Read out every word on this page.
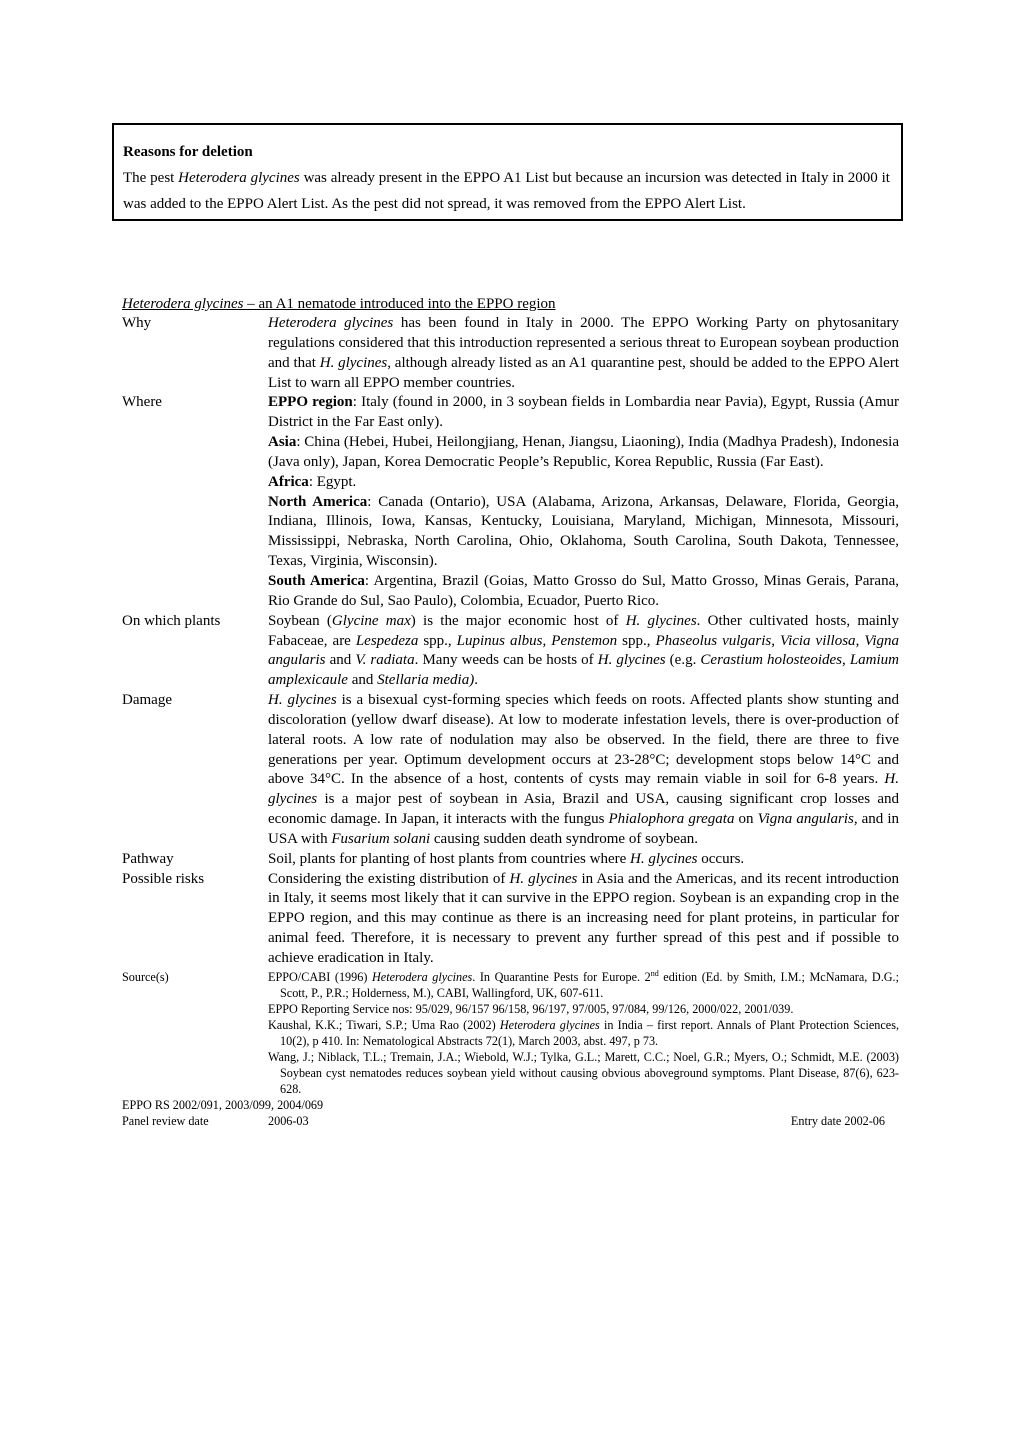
Reasons for deletion
The pest Heterodera glycines was already present in the EPPO A1 List but because an incursion was detected in Italy in 2000 it was added to the EPPO Alert List. As the pest did not spread, it was removed from the EPPO Alert List.
Heterodera glycines – an A1 nematode introduced into the EPPO region
Why	Heterodera glycines has been found in Italy in 2000. The EPPO Working Party on phytosanitary regulations considered that this introduction represented a serious threat to European soybean production and that H. glycines, although already listed as an A1 quarantine pest, should be added to the EPPO Alert List to warn all EPPO member countries.
Where	EPPO region: Italy (found in 2000, in 3 soybean fields in Lombardia near Pavia), Egypt, Russia (Amur District in the Far East only).

Asia: China (Hebei, Hubei, Heilongjiang, Henan, Jiangsu, Liaoning), India (Madhya Pradesh), Indonesia (Java only), Japan, Korea Democratic People’s Republic, Korea Republic, Russia (Far East).

Africa: Egypt.

North America: Canada (Ontario), USA (Alabama, Arizona, Arkansas, Delaware, Florida, Georgia, Indiana, Illinois, Iowa, Kansas, Kentucky, Louisiana, Maryland, Michigan, Minnesota, Missouri, Mississippi, Nebraska, North Carolina, Ohio, Oklahoma, South Carolina, South Dakota, Tennessee, Texas, Virginia, Wisconsin).

South America: Argentina, Brazil (Goias, Matto Grosso do Sul, Matto Grosso, Minas Gerais, Parana, Rio Grande do Sul, Sao Paulo), Colombia, Ecuador, Puerto Rico.

On which plants	Soybean (Glycine max) is the major economic host of H. glycines. Other cultivated hosts, mainly Fabaceae, are Lespedeza spp., Lupinus albus, Penstemon spp., Phaseolus vulgaris, Vicia villosa, Vigna angularis and V. radiata. Many weeds can be hosts of H. glycines (e.g. Cerastium holosteoides, Lamium amplexicaule and Stellaria media).
Damage	H. glycines is a bisexual cyst-forming species which feeds on roots. Affected plants show stunting and discoloration (yellow dwarf disease). At low to moderate infestation levels, there is over-production of lateral roots. A low rate of nodulation may also be observed. In the field, there are three to five generations per year. Optimum development occurs at 23-28°C; development stops below 14°C and above 34°C. In the absence of a host, contents of cysts may remain viable in soil for 6-8 years. H. glycines is a major pest of soybean in Asia, Brazil and USA, causing significant crop losses and economic damage. In Japan, it interacts with the fungus Phialophora gregata on Vigna angularis, and in USA with Fusarium solani causing sudden death syndrome of soybean.
Pathway	Soil, plants for planting of host plants from countries where H. glycines occurs.
Possible risks	Considering the existing distribution of H. glycines in Asia and the Americas, and its recent introduction in Italy, it seems most likely that it can survive in the EPPO region. Soybean is an expanding crop in the EPPO region, and this may continue as there is an increasing need for plant proteins, in particular for animal feed. Therefore, it is necessary to prevent any further spread of this pest and if possible to achieve eradication in Italy.
Source(s)	EPPO/CABI (1996) Heterodera glycines. In Quarantine Pests for Europe. 2nd edition (Ed. by Smith, I.M.; McNamara, D.G.; Scott, P., P.R.; Holderness, M.), CABI, Wallingford, UK, 607-611.

EPPO Reporting Service nos: 95/029, 96/157 96/158, 96/197, 97/005, 97/084, 99/126, 2000/022, 2001/039.

Kaushal, K.K.; Tiwari, S.P.; Uma Rao (2002) Heterodera glycines in India – first report. Annals of Plant Protection Sciences, 10(2), p 410. In: Nematological Abstracts 72(1), March 2003, abst. 497, p 73.

Wang, J.; Niblack, T.L.; Tremain, J.A.; Wiebold, W.J.; Tylka, G.L.; Marett, C.C.; Noel, G.R.; Myers, O.; Schmidt, M.E. (2003) Soybean cyst nematodes reduces soybean yield without causing obvious aboveground symptoms. Plant Disease, 87(6), 623-628.

EPPO RS 2002/091, 2003/099, 2004/069
Panel review date	2006-03	Entry date 2002-06
